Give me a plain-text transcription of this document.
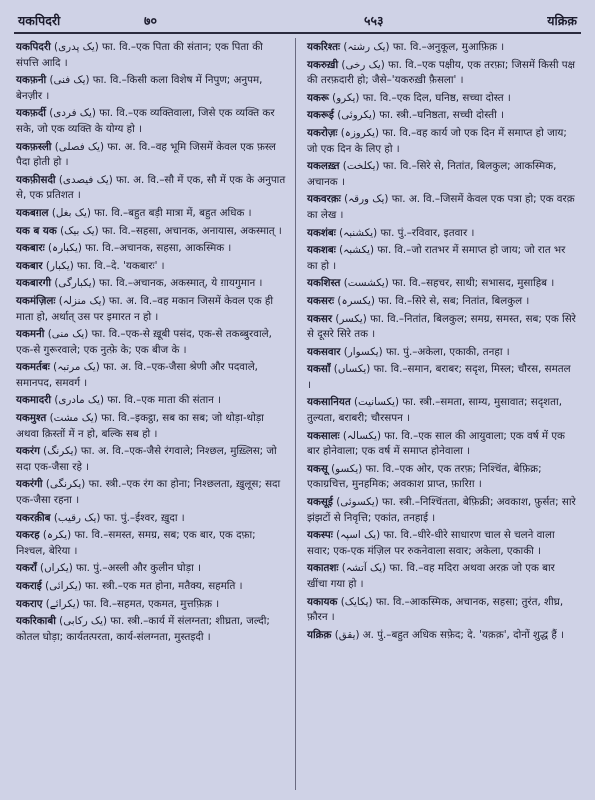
यकपिदरी	७०	५५३	यक्रिक़
यकपिदरी (یک پدری) फा. वि.–एक पिता की संतान; एक पिता की संपत्ति आदि ।
यकफ़नी (یک فنی) फा. वि.–किसी कला विशेष में निपुण; अनुपम, बेनज़ीर ।
यकफ़र्दी (یک فردی) फा. वि.–एक व्यक्तिवाला, जिसे एक व्यक्ति कर सके, जो एक व्यक्ति के योग्य हो ।
यकफ़स्ली (یک فصلی) फा. अ. वि.–वह भूमि जिसमें केवल एक फ़स्ल पैदा होती हो ।
यकफ़ीसदी (یک فیصدی) फा. अ. वि.–सौ में एक, सौ में एक के अनुपात से, एक प्रतिशत ।
यकबग़ल (یک بغل) फा. वि.–बहुत बड़ी मात्रा में, बहुत अधिक ।
यक ब यक (یک بیک) फा. वि.–सहसा, अचानक, अनायास, अकस्मात् ।
यकबारः (یکبارہ) फा. वि.–अचानक, सहसा, आकस्मिक ।
यकबार (یکبار) फा. वि.–दे. 'यकबारः' ।
यकबारगी (یکبارگی) फा. वि.–अचानक, अकस्मात्, ये ग़ायगुमान ।
यकमंज़िलः (یک منزلہ) फा. अ. वि.–वह मकान जिसमें केवल एक ही माता हो, अर्थात् उस पर इमारत न हो ।
यकमनी (یک منی) फा. वि.–एक-से ख़ूबी पसंद, एक-से तकब्बुरवाले, एक-से गुरूरवाले; एक नुत्फ़े के; एक बीज के ।
यकमर्तबः (یک مرتبہ) फा. अ. वि.–एक-जैसा श्रेणी और पदवाले, समानपद, समवर्ग ।
यकमादरी (یک مادری) फा. वि.–एक माता की संतान ।
यकमुश्त (یک مشت) फा. वि.–इकट्ठा, सब का सब; जो थोड़ा-थोड़ा अथवा क़िस्तों में न हो, बल्कि सब हो ।
यकरंग (یکرنگ) फा. अ. वि.–एक-जैसे रंगवाले; निश्छल, मुख़्लिस; जो सदा एक-जैसा रहे ।
यकरंगी (یکرنگی) फा. स्त्री.–एक रंग का होना; निश्छलता, ख़ुलूस; सदा एक-जैसा रहना ।
यकरक़ीब (یک رقیب) फा. पुं.–ईश्वर, ख़ुदा ।
यकरह (یکرہ) फा. वि.–समस्त, समग्र, सब; एक बार, एक दफ़ा; निश्चल, बेरिया ।
यकराँ (یکراں) फा. पुं.–अस्ली और कुलीन घोड़ा ।
यकराई (یکرائی) फा. स्त्री.–एक मत होना, मतैक्य, सहमति ।
यकराए (یکرائے) फा. वि.–सहमत, एकमत, मुत्तफ़िक़ ।
यकरिकाबी (یک رکابی) फा. स्त्री.–कार्य में संलग्नता; शीघ्रता, जल्दी; कोतल घोड़ा; कार्यतत्परता, कार्य-संलग्नता, मुस्तइदी ।
यकरिश्तः (یک رشتہ) फा. वि.–अनुकूल, मुआफ़िक़ ।
यकरुख़ी (یک رخی) फा. वि.–एक पक्षीय, एक तरफ़ा; जिसमें किसी पक्ष की तरफ़दारी हो; जैसे–'यकरुख़ी फ़ैसला' ।
यकरू (یکرو) फा. वि.–एक दिल, घनिष्ठ, सच्चा दोस्त ।
यकरूई (یکروئی) फा. स्त्री.–घनिष्ठता, सच्ची दोस्ती ।
यकरोज़ः (یکروزہ) फा. वि.–वह कार्य जो एक दिन में समाप्त हो जाय; जो एक दिन के लिए हो ।
यकलख़्त (یکلخت) फा. वि.–सिरे से, नितांत, बिलकुल; आकस्मिक, अचानक ।
यकवरक़ः (یک ورقہ) फा. अ. वि.–जिसमें केवल एक पत्रा हो; एक वरक़ का लेख ।
यकशंबः (یکشنبہ) फा. पुं.–रविवार, इतवार ।
यकशबः (یکشبہ) फा. वि.–जो रातभर में समाप्त हो जाय; जो रात भर का हो ।
यकशिस्त (یکشست) फा. वि.–सहचर, साथी; सभासद, मुसाहिब ।
यकसरः (یکسرہ) फा. वि.–सिरे से, सब; नितांत, बिलकुल ।
यकसर (یکسر) फा. वि.–नितांत, बिलकुल; समग्र, समस्त, सब; एक सिरे से दूसरे सिरे तक ।
यकसवार (یکسوار) फा. पुं.–अकेला, एकाकी, तनहा ।
यकसाँ (یکساں) फा. वि.–समान, बराबर; सदृश, मिस्ल; चौरस, समतल ।
यकसानियत (یکسانیت) फा. स्त्री.–समता, साम्य, मुसावात; सदृशता, तुल्यता, बराबरी; चौरसपन ।
यकसालः (یکسالہ) फा. वि.–एक साल की आयुवाला; एक वर्ष में एक बार होनेवाला; एक वर्ष में समाप्त होनेवाला ।
यकसू (یکسو) फा. वि.–एक ओर, एक तरफ़; निश्चिंत, बेफ़िक्र; एकाग्रचित्त, मुनहमिक; अवकाश प्राप्त, फ़ारिग़ ।
यकसूई (یکسوئی) फा. स्त्री.–निश्चिंतता, बेफ़िक्री; अवकाश, फ़ुर्सत; सारे झंझटों से निवृत्ति; एकांत, तनहाई ।
यकस्पः (یک اسپہ) फा. वि.–धीरे-धीरे साधारण चाल से चलने वाला सवार; एक-एक मंज़िल पर रुकनेवाला सवार; अकेला, एकाकी ।
यकातशः (یک آتشہ) फा. वि.–वह मदिरा अथवा अरक़ जो एक बार खींचा गया हो ।
यकायक (یکایک) फा. वि.–आकस्मिक, अचानक, सहसा; तुरंत, शीघ्र, फ़ौरन ।
यक्रिक़ (یقق) अ. पुं.–बहुत अधिक सफ़ेद; दे. 'यक़क़', दोनों शुद्ध हैं ।
